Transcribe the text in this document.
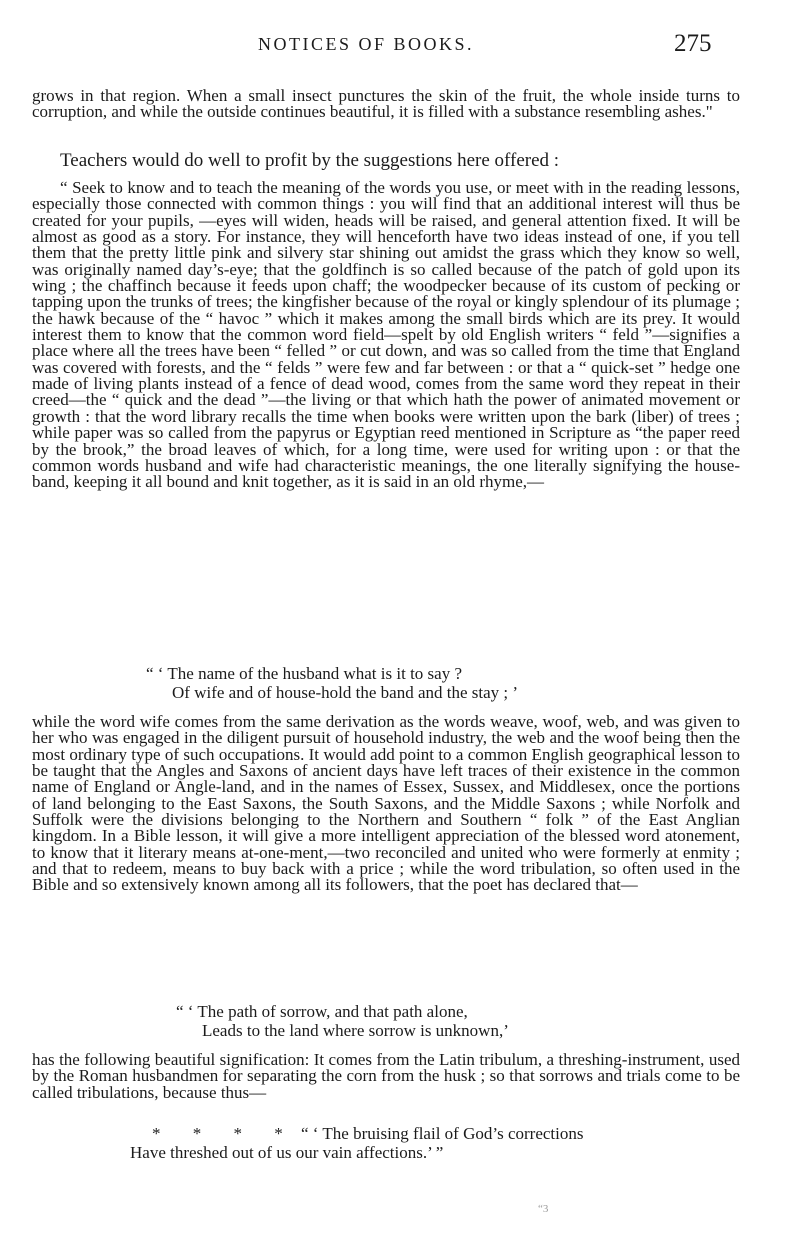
NOTICES OF BOOKS.	275

grows in that region. When a small insect punctures the skin of the fruit, the whole inside turns to corruption, and while the outside continues beautiful, it is filled with a substance resembling ashes."

Teachers would do well to profit by the suggestions here offered :

“ Seek to know and to teach the meaning of the words you use, or meet with in the reading lessons, especially those connected with common things : you will find that an additional interest will thus be created for your pupils, —eyes will widen, heads will be raised, and general attention fixed. It will be almost as good as a story. For instance, they will henceforth have two ideas instead of one, if you tell them that the pretty little pink and silvery star shining out amidst the grass which they know so well, was originally named day’s-eye; that the goldfinch is so called because of the patch of gold upon its wing ; the chaffinch because it feeds upon chaff; the woodpecker because of its custom of pecking or tapping upon the trunks of trees; the kingfisher because of the royal or kingly splendour of its plumage ; the hawk because of the “ havoc ” which it makes among the small birds which are its prey. It would interest them to know that the common word field—spelt by old English writers “ feld ”—signifies a place where all the trees have been “ felled ” or cut down, and was so called from the time that England was covered with forests, and the “ felds ” were few and far between : or that a “ quick-set ” hedge one made of living plants instead of a fence of dead wood, comes from the same word they repeat in their creed—the “ quick and the dead ”—the living or that which hath the power of animated movement or growth : that the word library recalls the time when books were written upon the bark (liber) of trees ; while paper was so called from the papyrus or Egyptian reed mentioned in Scripture as “the paper reed by the brook,” the broad leaves of which, for a long time, were used for writing upon : or that the common words husband and wife had characteristic meanings, the one literally signifying the house-band, keeping it all bound and knit together, as it is said in an old rhyme,—

“ ‘ The name of the husband what is it to say ?
Of wife and of house-hold the band and the stay ; ’

while the word wife comes from the same derivation as the words weave, woof, web, and was given to her who was engaged in the diligent pursuit of household industry, the web and the woof being then the most ordinary type of such occupations. It would add point to a common English geographical lesson to be taught that the Angles and Saxons of ancient days have left traces of their existence in the common name of England or Angle-land, and in the names of Essex, Sussex, and Middlesex, once the portions of land belonging to the East Saxons, the South Saxons, and the Middle Saxons ; while Norfolk and Suffolk were the divisions belonging to the Northern and Southern “ folk ” of the East Anglian kingdom. In a Bible lesson, it will give a more intelligent appreciation of the blessed word atonement, to know that it literary means at-one-ment,—two reconciled and united who were formerly at enmity ; and that to redeem, means to buy back with a price ; while the word tribulation, so often used in the Bible and so extensively known among all its followers, that the poet has declared that—

“ ‘ The path of sorrow, and that path alone,
Leads to the land where sorrow is unknown,’

has the following beautiful signification: It comes from the Latin tribulum, a threshing-instrument, used by the Roman husbandmen for separating the corn from the husk ; so that sorrows and trials come to be called tribulations, because thus—

* * * * “ ‘ The bruising flail of God’s corrections
Have threshed out of us our vain affections.’ ”
“3
